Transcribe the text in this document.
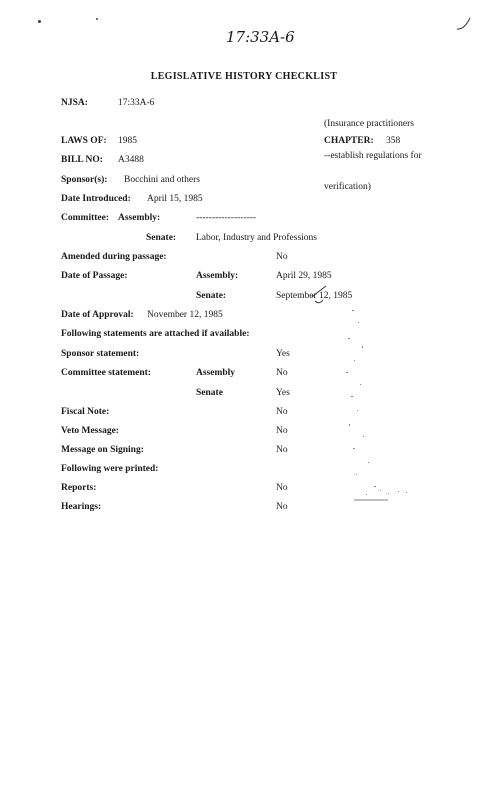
17:33A-6
LEGISLATIVE HISTORY CHECKLIST
NJSA:	17:33A-6

(Insurance practitioners

--establish regulations for

verification)

LAWS OF: 1985	CHAPTER: 358
BILL NO: A3488
Sponsor(s): Bocchini and others
Date Introduced: April 15, 1985
Committee: Assembly:	-------------------
Senate: Labor, Industry and Professions
Amended during passage:	No
Date of Passage:	Assembly:	April 29, 1985
Senate:	September 12, 1985
Date of Approval: November 12, 1985
Following statements are attached if available:
Sponsor statement:	Yes
Committee statement:	Assembly	No
Senate	Yes
Fiscal Note:	No
Veto Message:	No
Message on Signing:	No
Following were printed:
Reports:	No
Hearings:	No
